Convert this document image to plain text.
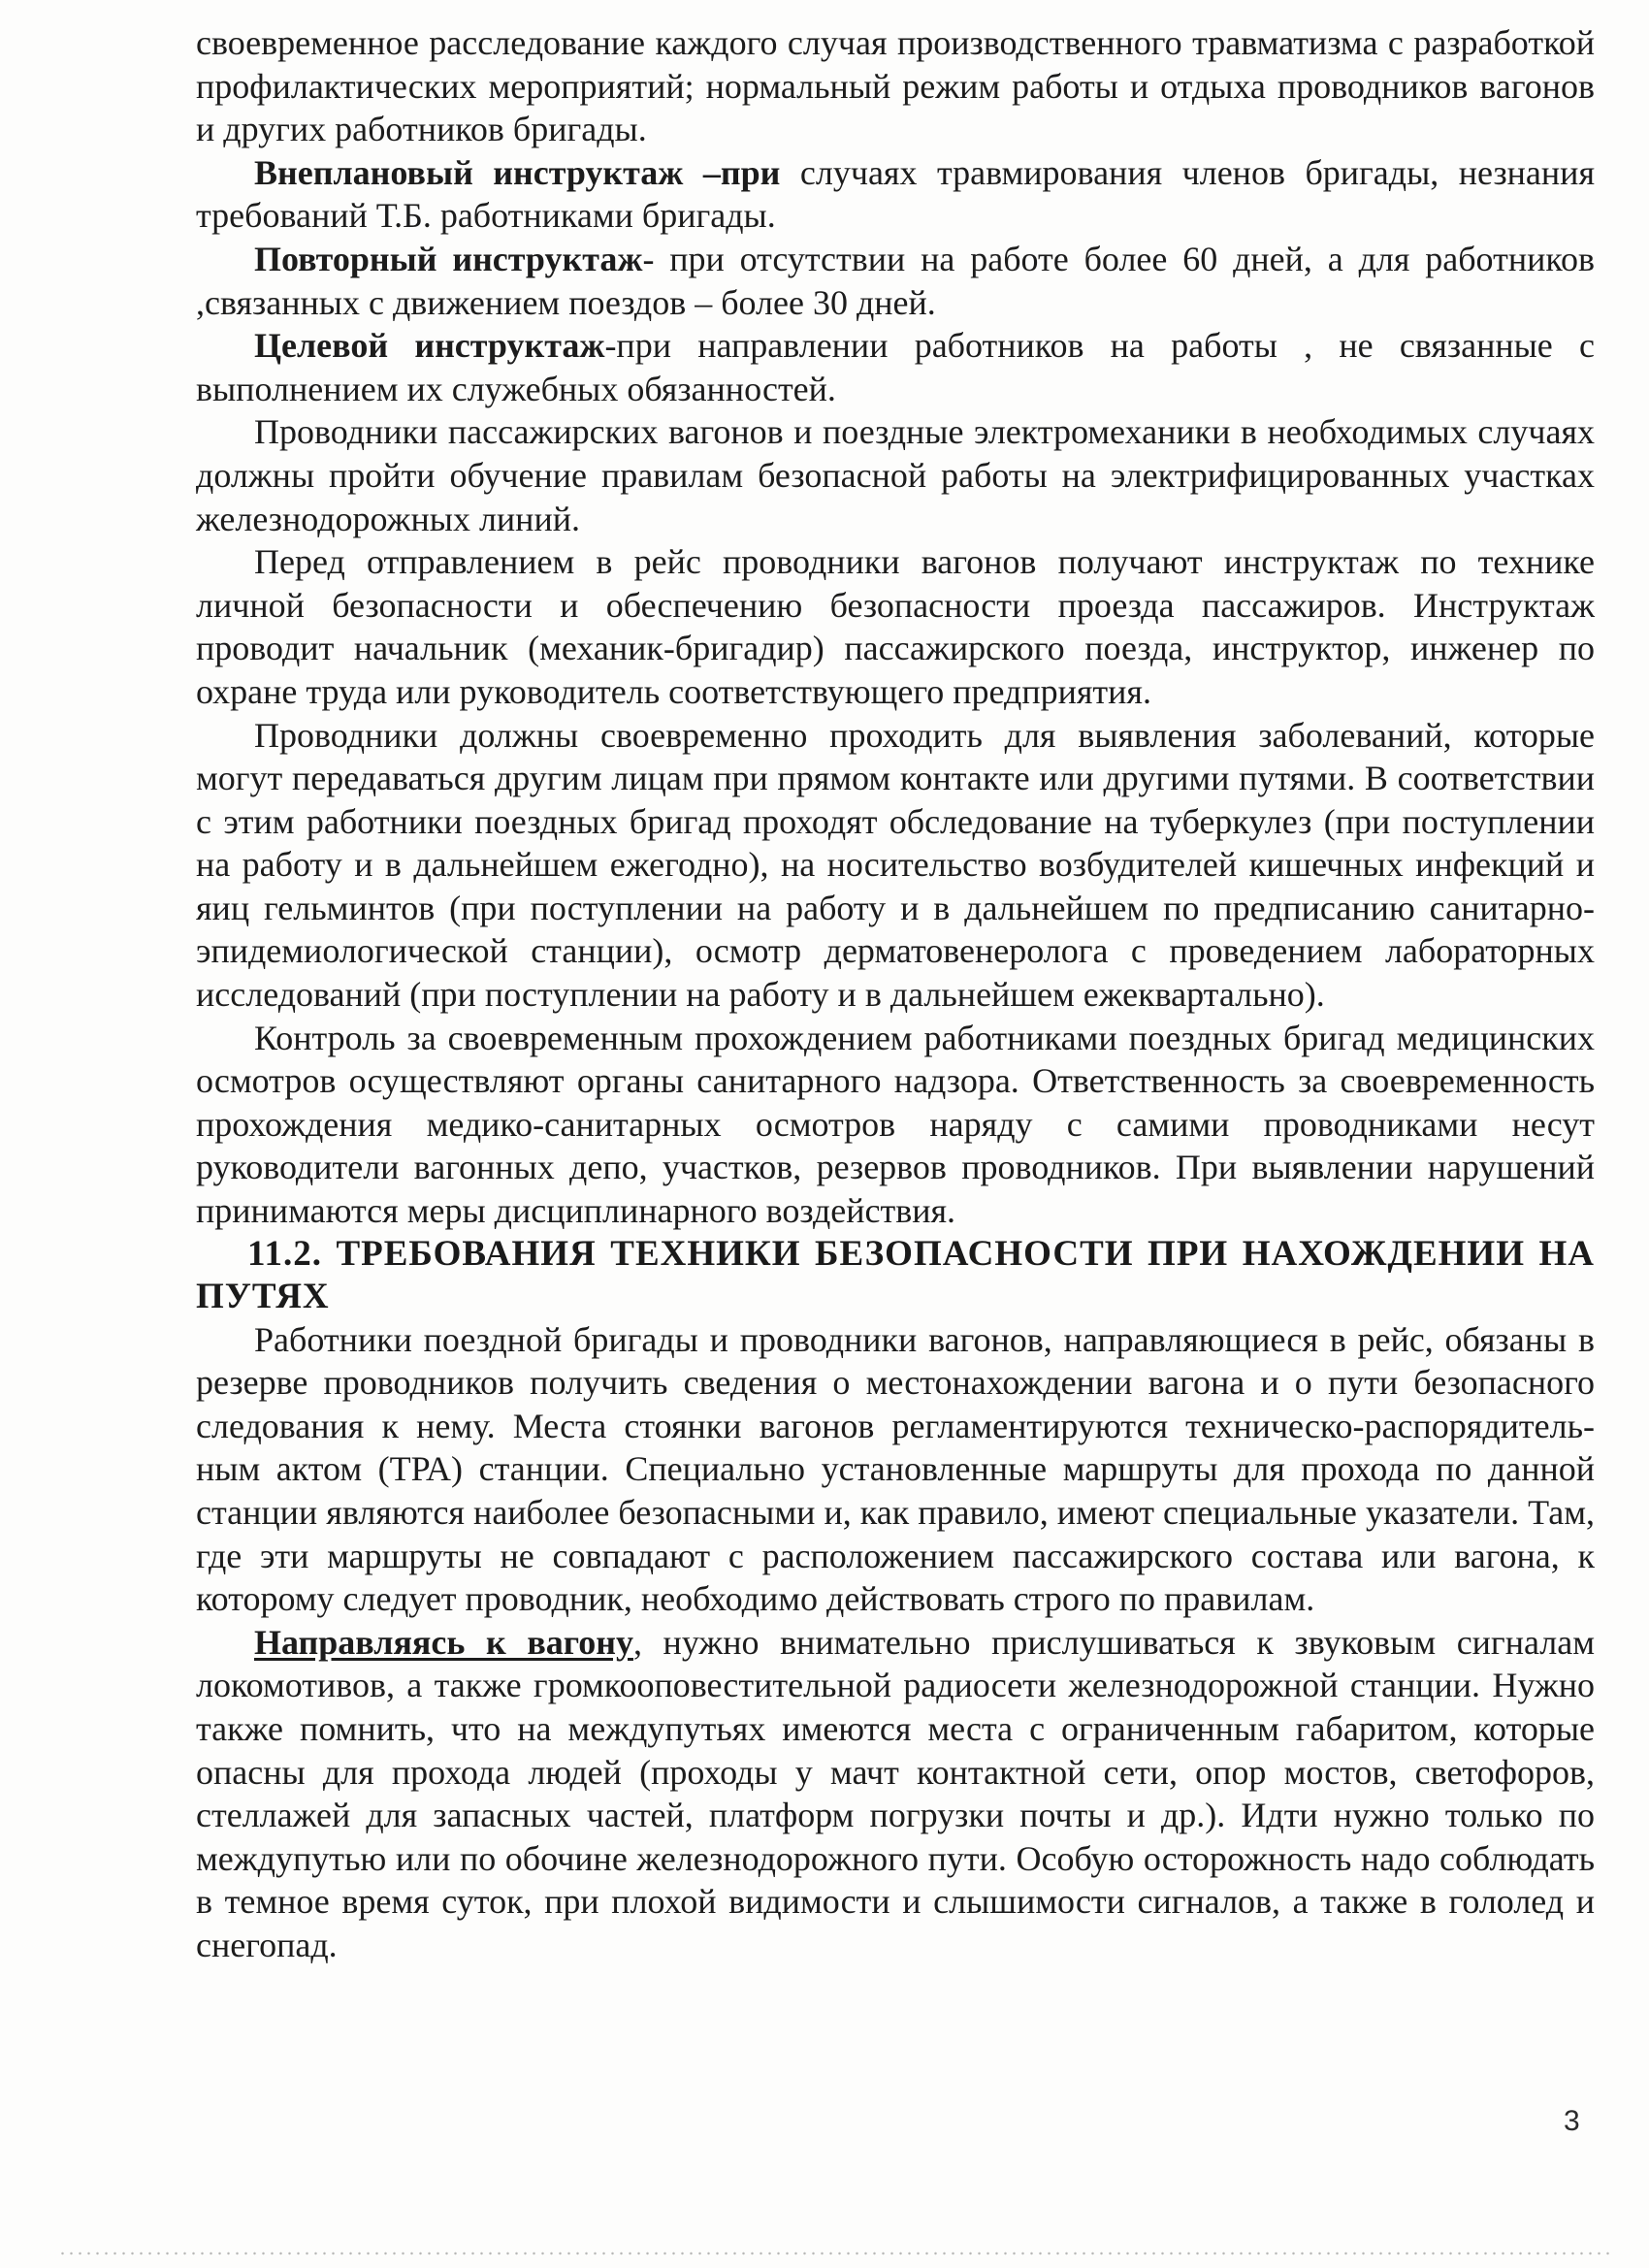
своевременное расследование каждого случая производственного травматизма с разработкой профилактических мероприятий; нормальный режим работы и отдыха проводников вагонов и других работников бригады.

Внеплановый инструктаж –при случаях травмирования членов бригады, незнания требований Т.Б. работниками бригады.

Повторный инструктаж- при отсутствии на работе более 60 дней, а для работников ,связанных с движением поездов – более 30 дней.

Целевой инструктаж-при направлении работников на работы , не связанные с выполнением их служебных обязанностей.

Проводники пассажирских вагонов и поездные электромеханики в необходимых случаях должны пройти обучение правилам безопасной работы на электрифицированных участках железнодорожных линий.

Перед отправлением в рейс проводники вагонов получают инструктаж по технике личной безопасности и обеспечению безопасности проезда пассажиров. Инструктаж проводит начальник (механик-бригадир) пассажирского поезда, инструктор, инженер по охране труда или руководитель соответствующего предприятия.

Проводники должны своевременно проходить для выявления заболеваний, которые могут передаваться другим лицам при прямом контакте или другими путями. В соответствии с этим работники поездных бригад проходят обследование на туберкулез (при поступлении на работу и в дальнейшем ежегодно), на носительство возбудителей кишечных инфекций и яиц гельминтов (при поступлении на работу и в дальнейшем по предписанию санитарно-эпидемиологической станции), осмотр дерматовенеролога с проведением лабораторных исследований (при поступлении на работу и в дальнейшем ежеквартально).

Контроль за своевременным прохождением работниками поездных бригад медицинских осмотров осуществляют органы санитарного надзора. Ответственность за своевременность прохождения медико-санитарных осмотров наряду с самими проводниками несут руководители вагонных депо, участков, резервов проводников. При выявлении нарушений принимаются меры дисциплинарного воздействия.

11.2. ТРЕБОВАНИЯ ТЕХНИКИ БЕЗОПАСНОСТИ ПРИ НАХОЖДЕНИИ НА ПУТЯХ

Работники поездной бригады и проводники вагонов, направляющиеся в рейс, обязаны в резерве проводников получить сведения о местонахождении вагона и о пути безопасного следования к нему. Места стоянки вагонов регламентируются техническо-распорядитель-ным актом (ТРА) станции. Специально установленные маршруты для прохода по данной станции являются наиболее безопасными и, как правило, имеют специальные указатели. Там, где эти маршруты не совпадают с расположением пассажирского состава или вагона, к которому следует проводник, необходимо действовать строго по правилам.

Направляясь к вагону, нужно внимательно прислушиваться к звуковым сигналам локомотивов, а также громкооповестительной радиосети железнодорожной станции. Нужно также помнить, что на междупутьях имеются места с ограниченным габаритом, которые опасны для прохода людей (проходы у мачт контактной сети, опор мостов, светофоров, стеллажей для запасных частей, платформ погрузки почты и др.). Идти нужно только по междупутью или по обочине железнодорожного пути. Особую осторожность надо соблюдать в темное время суток, при плохой видимости и слышимости сигналов, а также в гололед и снегопад.

3
